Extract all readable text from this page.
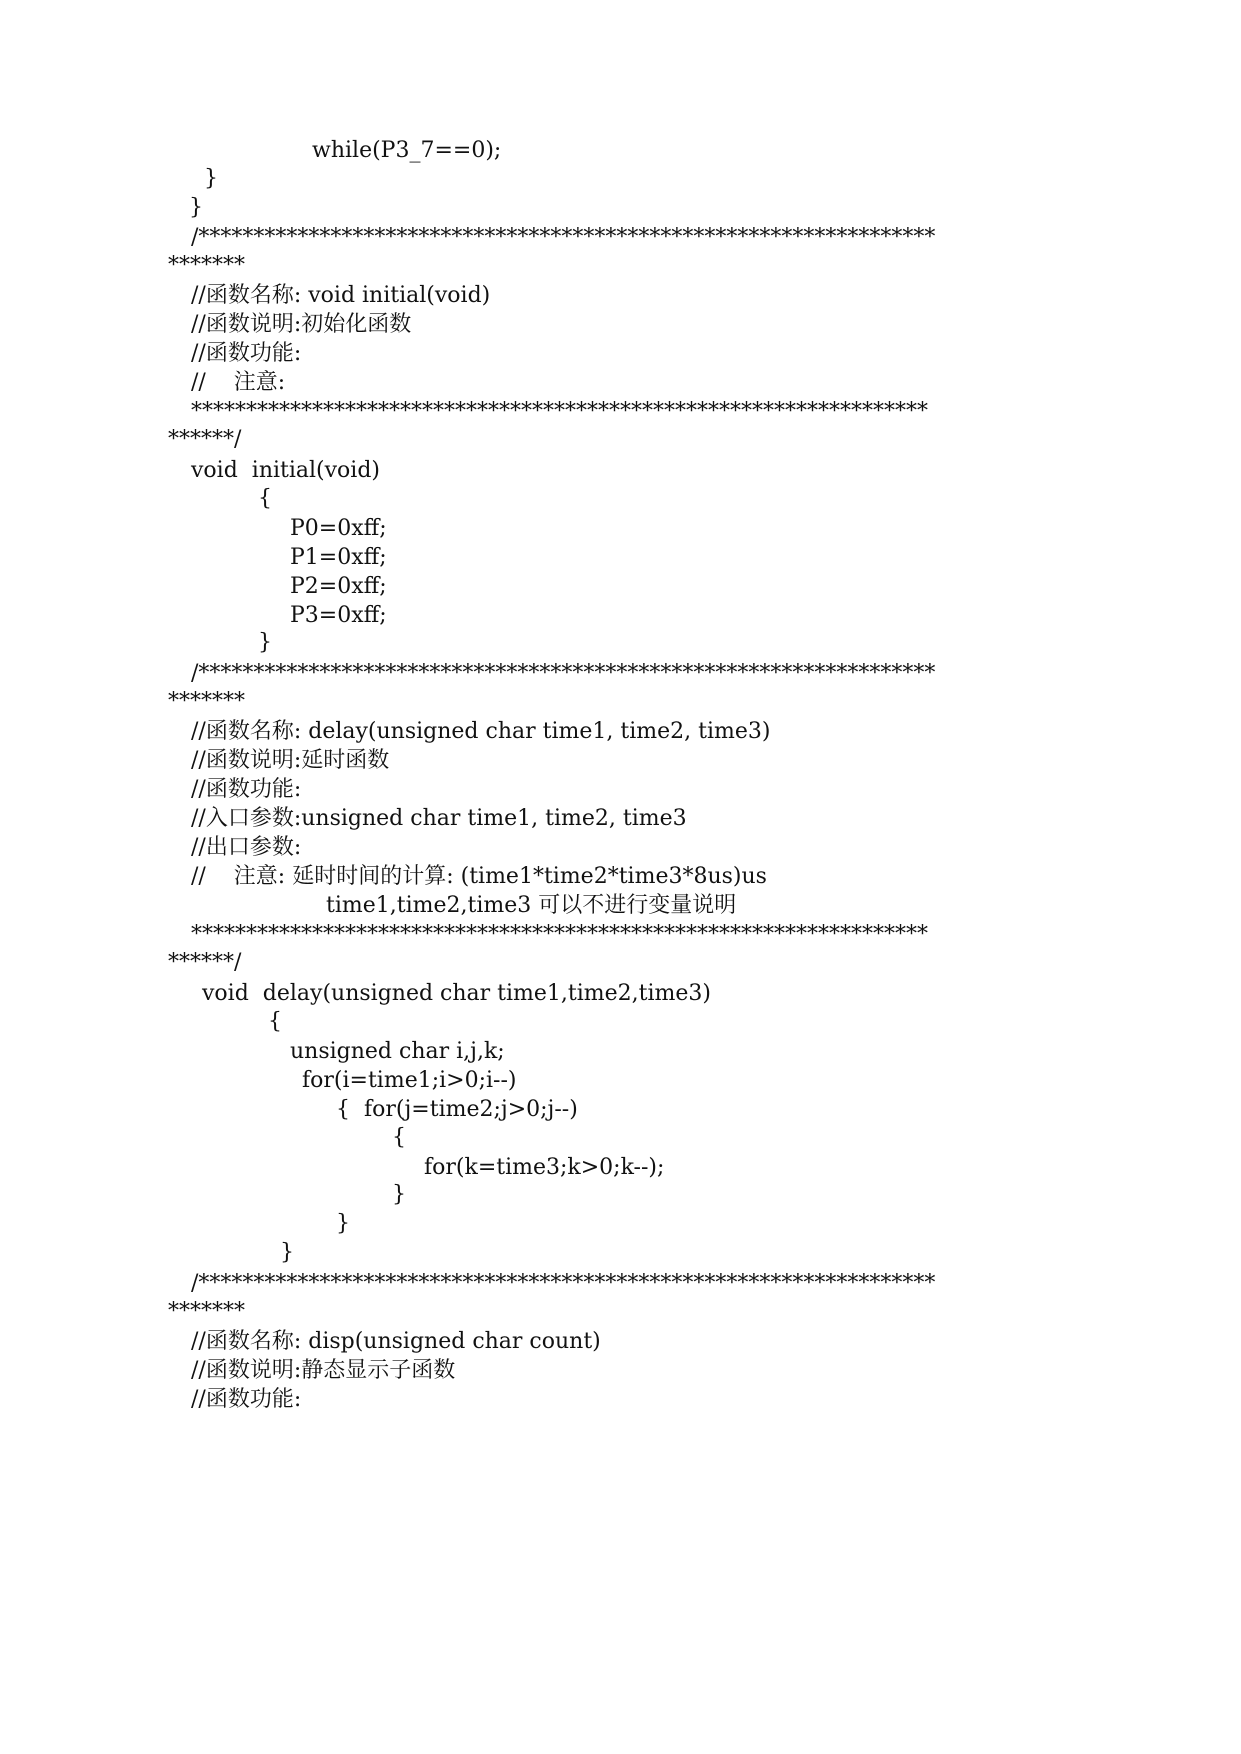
while(P3_7==0);
}
}
/*******************************************************************
*******
//函数名称: void initial(void)
//函数说明:初始化函数
//函数功能:
//    注意:
*******************************************************************
******/
void  initial(void)
{
P0=0xff;
P1=0xff;
P2=0xff;
P3=0xff;
}
/*******************************************************************
*******
//函数名称: delay(unsigned char time1, time2, time3)
//函数说明:延时函数
//函数功能:
//入口参数:unsigned char time1, time2, time3
//出口参数:
//    注意: 延时时间的计算: (time1*time2*time3*8us)us
time1,time2,time3 可以不进行变量说明
*******************************************************************
******/
void  delay(unsigned char time1,time2,time3)
{
unsigned char i,j,k;
for(i=time1;i>0;i--)
{  for(j=time2;j>0;j--)
{
for(k=time3;k>0;k--);
}
}
}
/*******************************************************************
*******
//函数名称: disp(unsigned char count)
//函数说明:静态显示子函数
//函数功能:
